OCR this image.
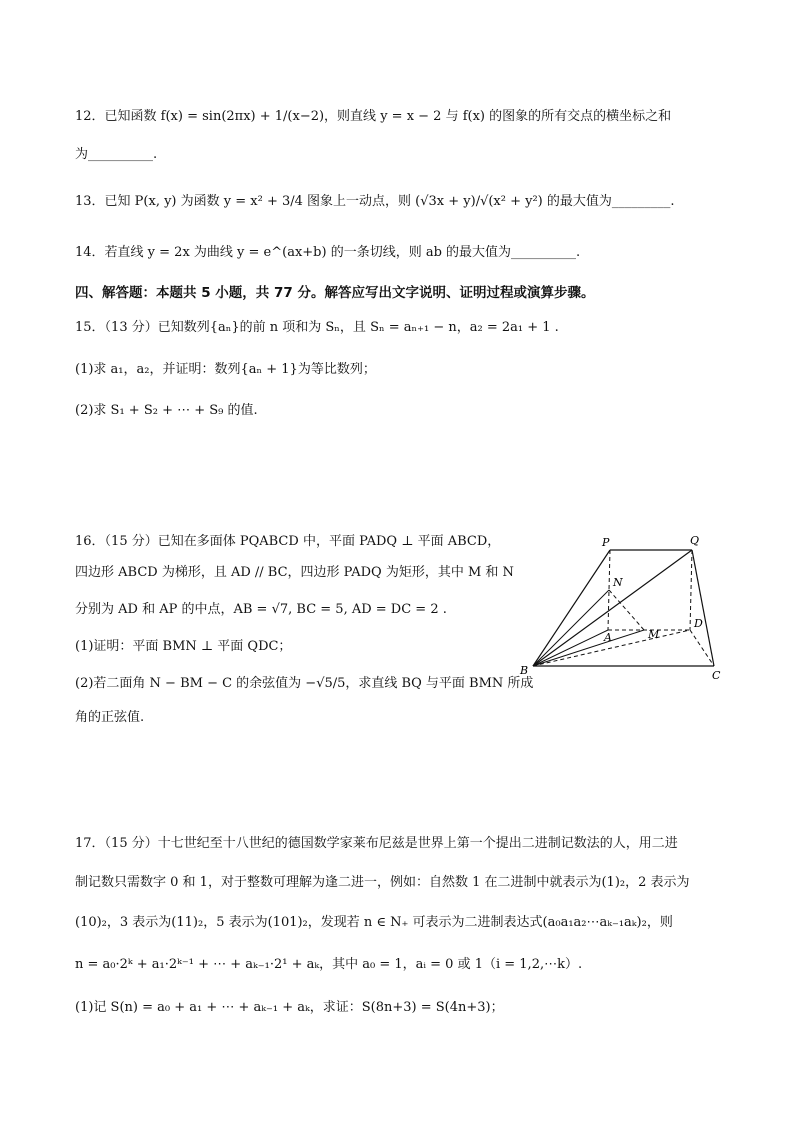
12．已知函数 f(x) = sin(2πx) + 1/(x−2)，则直线 y = x − 2 与 f(x) 的图象的所有交点的横坐标之和
为__________.
13．已知 P(x, y) 为函数 y = x² + 3/4 图象上一动点，则 (√3x + y)/√(x² + y²) 的最大值为_________.
14．若直线 y = 2x 为曲线 y = e^(ax+b) 的一条切线，则 ab 的最大值为__________.
四、解答题：本题共 5 小题，共 77 分。解答应写出文字说明、证明过程或演算步骤。
15．（13 分）已知数列{aₙ}的前 n 项和为 Sₙ，且 Sₙ = aₙ₊₁ − n，a₂ = 2a₁ + 1 .
(1)求 a₁，a₂，并证明：数列{aₙ + 1}为等比数列；
(2)求 S₁ + S₂ + ⋯ + S₉ 的值.
16．（15 分）已知在多面体 PQABCD 中，平面 PADQ ⊥ 平面 ABCD，
四边形 ABCD 为梯形，且 AD // BC，四边形 PADQ 为矩形，其中 M 和 N
分别为 AD 和 AP 的中点，AB = √7, BC = 5, AD = DC = 2 .
(1)证明：平面 BMN ⊥ 平面 QDC；
(2)若二面角 N − BM − C 的余弦值为 −√5/5，求直线 BQ 与平面 BMN 所成
角的正弦值.
P	Q
N
A	M
D
B	C
17．（15 分）十七世纪至十八世纪的德国数学家莱布尼兹是世界上第一个提出二进制记数法的人，用二进
制记数只需数字 0 和 1，对于整数可理解为逢二进一，例如：自然数 1 在二进制中就表示为(1)₂，2 表示为
(10)₂，3 表示为(11)₂，5 表示为(101)₂，发现若 n ∈ N₊ 可表示为二进制表达式(a₀a₁a₂⋯aₖ₋₁aₖ)₂，则
n = a₀·2ᵏ + a₁·2ᵏ⁻¹ + ⋯ + aₖ₋₁·2¹ + aₖ，其中 a₀ = 1，aᵢ = 0 或 1（i = 1,2,⋯k）.
(1)记 S(n) = a₀ + a₁ + ⋯ + aₖ₋₁ + aₖ，求证：S(8n+3) = S(4n+3)；
